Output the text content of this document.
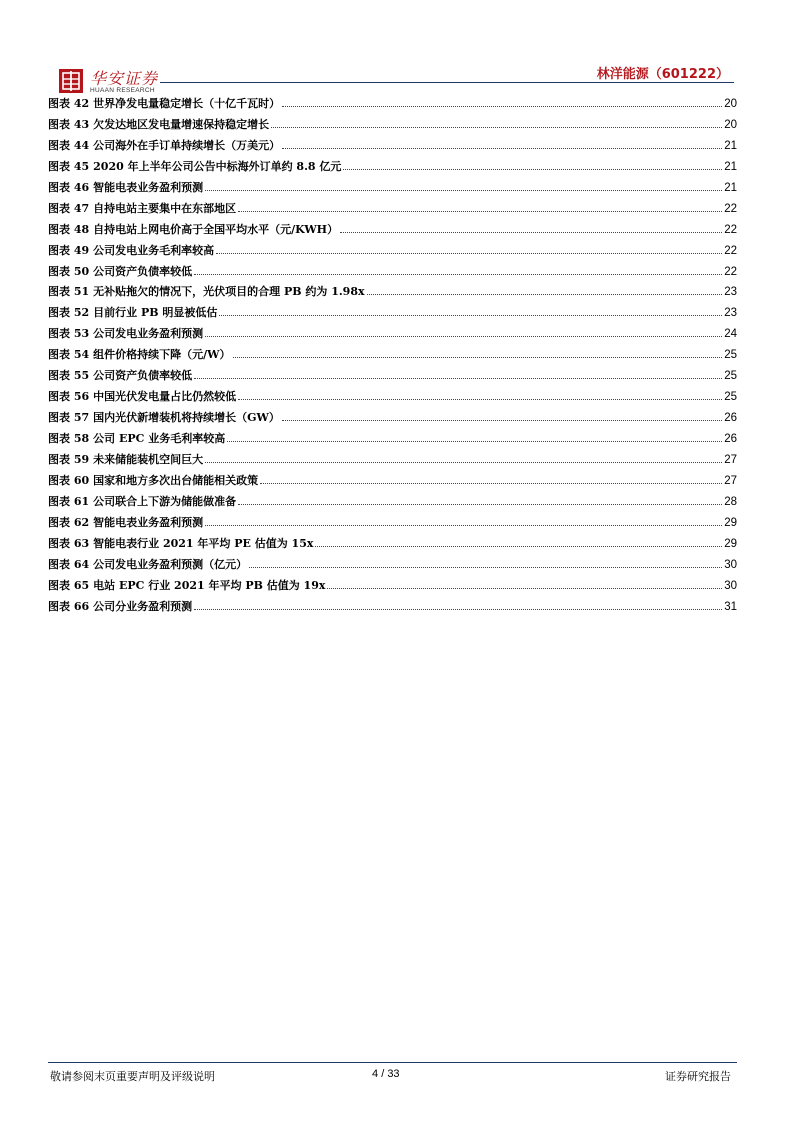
华安证券
HUAAN RESEARCH
林洋能源（601222）
图表 42 世界净发电量稳定增长（十亿千瓦时）	20
图表 43 欠发达地区发电量增速保持稳定增长	20
图表 44 公司海外在手订单持续增长（万美元）	21
图表 45 2020 年上半年公司公告中标海外订单约 8.8 亿元	21
图表 46 智能电表业务盈利预测	21
图表 47 自持电站主要集中在东部地区	22
图表 48 自持电站上网电价高于全国平均水平（元/KWH）	22
图表 49 公司发电业务毛利率较高	22
图表 50 公司资产负债率较低	22
图表 51 无补贴拖欠的情况下，光伏项目的合理 PB 约为 1.98x	23
图表 52 目前行业 PB 明显被低估	23
图表 53 公司发电业务盈利预测	24
图表 54 组件价格持续下降（元/W）	25
图表 55 公司资产负债率较低	25
图表 56 中国光伏发电量占比仍然较低	25
图表 57 国内光伏新增装机将持续增长（GW）	26
图表 58 公司 EPC 业务毛利率较高	26
图表 59 未来储能装机空间巨大	27
图表 60 国家和地方多次出台储能相关政策	27
图表 61 公司联合上下游为储能做准备	28
图表 62 智能电表业务盈利预测	29
图表 63 智能电表行业 2021 年平均 PE 估值为 15x	29
图表 64 公司发电业务盈利预测（亿元）	30
图表 65 电站 EPC 行业 2021 年平均 PB 估值为 19x	30
图表 66 公司分业务盈利预测	31
敬请参阅末页重要声明及评级说明	4 / 33	证券研究报告
